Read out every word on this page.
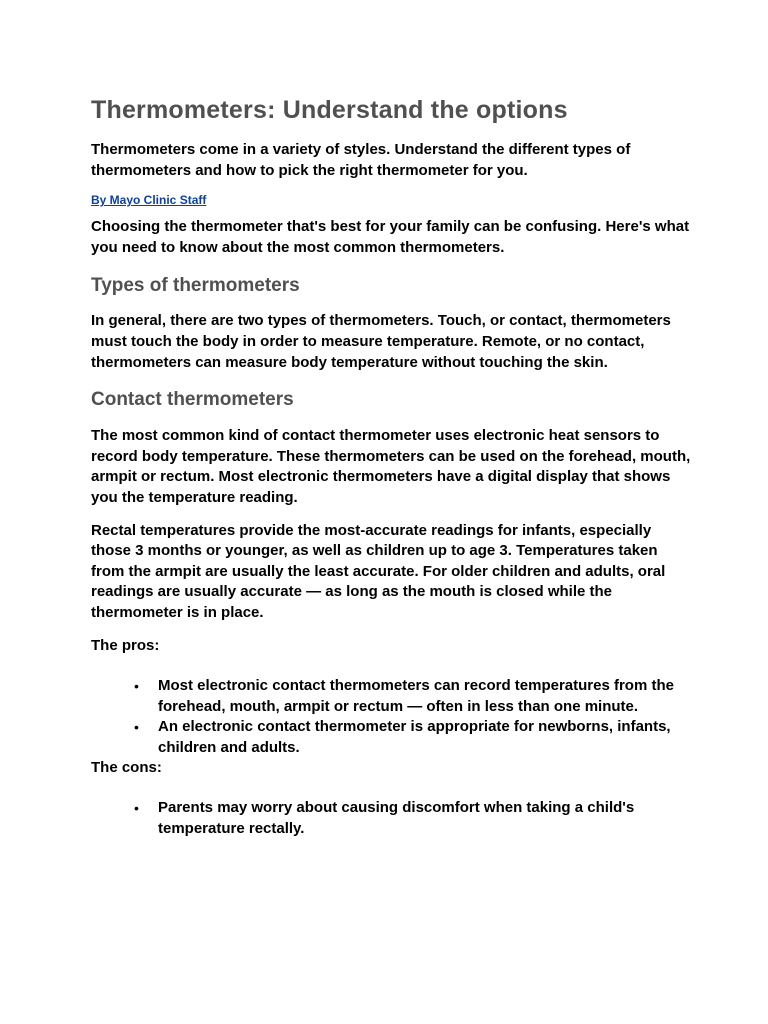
Thermometers: Understand the options

Thermometers come in a variety of styles. Understand the different types of thermometers and how to pick the right thermometer for you.

By Mayo Clinic Staff

Choosing the thermometer that's best for your family can be confusing. Here's what you need to know about the most common thermometers.

Types of thermometers

In general, there are two types of thermometers. Touch, or contact, thermometers must touch the body in order to measure temperature. Remote, or no contact, thermometers can measure body temperature without touching the skin.

Contact thermometers

The most common kind of contact thermometer uses electronic heat sensors to record body temperature. These thermometers can be used on the forehead, mouth, armpit or rectum. Most electronic thermometers have a digital display that shows you the temperature reading.

Rectal temperatures provide the most-accurate readings for infants, especially those 3 months or younger, as well as children up to age 3. Temperatures taken from the armpit are usually the least accurate. For older children and adults, oral readings are usually accurate — as long as the mouth is closed while the thermometer is in place.

The pros:

• Most electronic contact thermometers can record temperatures from the forehead, mouth, armpit or rectum — often in less than one minute.
• An electronic contact thermometer is appropriate for newborns, infants, children and adults.

The cons:

• Parents may worry about causing discomfort when taking a child's temperature rectally.
